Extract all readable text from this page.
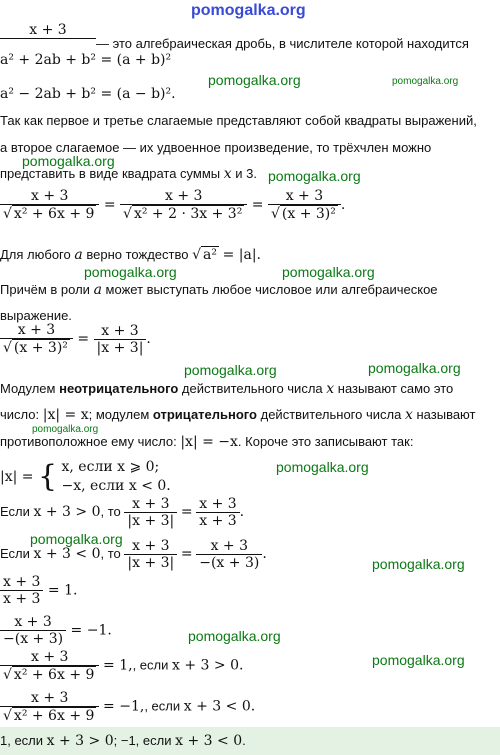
pomogalka.org
x + 3
— это алгебраическая дробь, в числителе которой находится
a² + 2ab + b² = (a + b)²
pomogalka.org	pomogalka.org
a² − 2ab + b² = (a − b)².
Так как первое и третье слагаемые представляют собой квадраты выражений,
а второе слагаемое — их удвоенное произведение, то трёхчлен можно
pomogalka.org
представить в виде квадрата суммы x и 3. pomogalka.org
$\frac{x + 3}{\text{√ x² + 6x + 9}} = \frac{x + 3}{\text{√ x² + 2 · 3x + 3²}} = \frac{x + 3}{\text{√ (x + 3)²}}$ .
Для любого a верно тождество √ a² = |a|.
pomogalka.org	pomogalka.org
Причём в роли a может выступать любое числовое или алгебраическое
выражение.
$\frac{x + 3}{\text{√ (x + 3)²}} = \frac{x + 3}{|x + 3|}$ .
pomogalka.org	pomogalka.org
Модулем неотрицательного действительного числа x называют само это
число: |x| = x; модулем отрицательного действительного числа x называют
pomogalka.org
противоположное ему число: |x| = −x. Короче это записывают так:
|x| = { x, если x ⩾ 0;
−x, если x < 0.
pomogalka.org
Если x + 3 > 0, то $\frac{x + 3}{|x + 3|} = \frac{x + 3}{x + 3}$ .
Если x + 3 < 0, то $\frac{x + 3}{|x + 3|} = \frac{x + 3}{-(x + 3)}$ .
pomogalka.org
pomogalka.org
$\frac{x + 3}{x + 3} = 1$.
$\frac{x + 3}{-(x + 3)} = -1$.	pomogalka.org
$\frac{x + 3}{\text{√ x² + 6x + 9}} = 1$,, если x + 3 > 0.	pomogalka.org
$\frac{x + 3}{\text{√ x² + 6x + 9}} = -1$,, если x + 3 < 0.
1, если x + 3 > 0; −1, если x + 3 < 0.
